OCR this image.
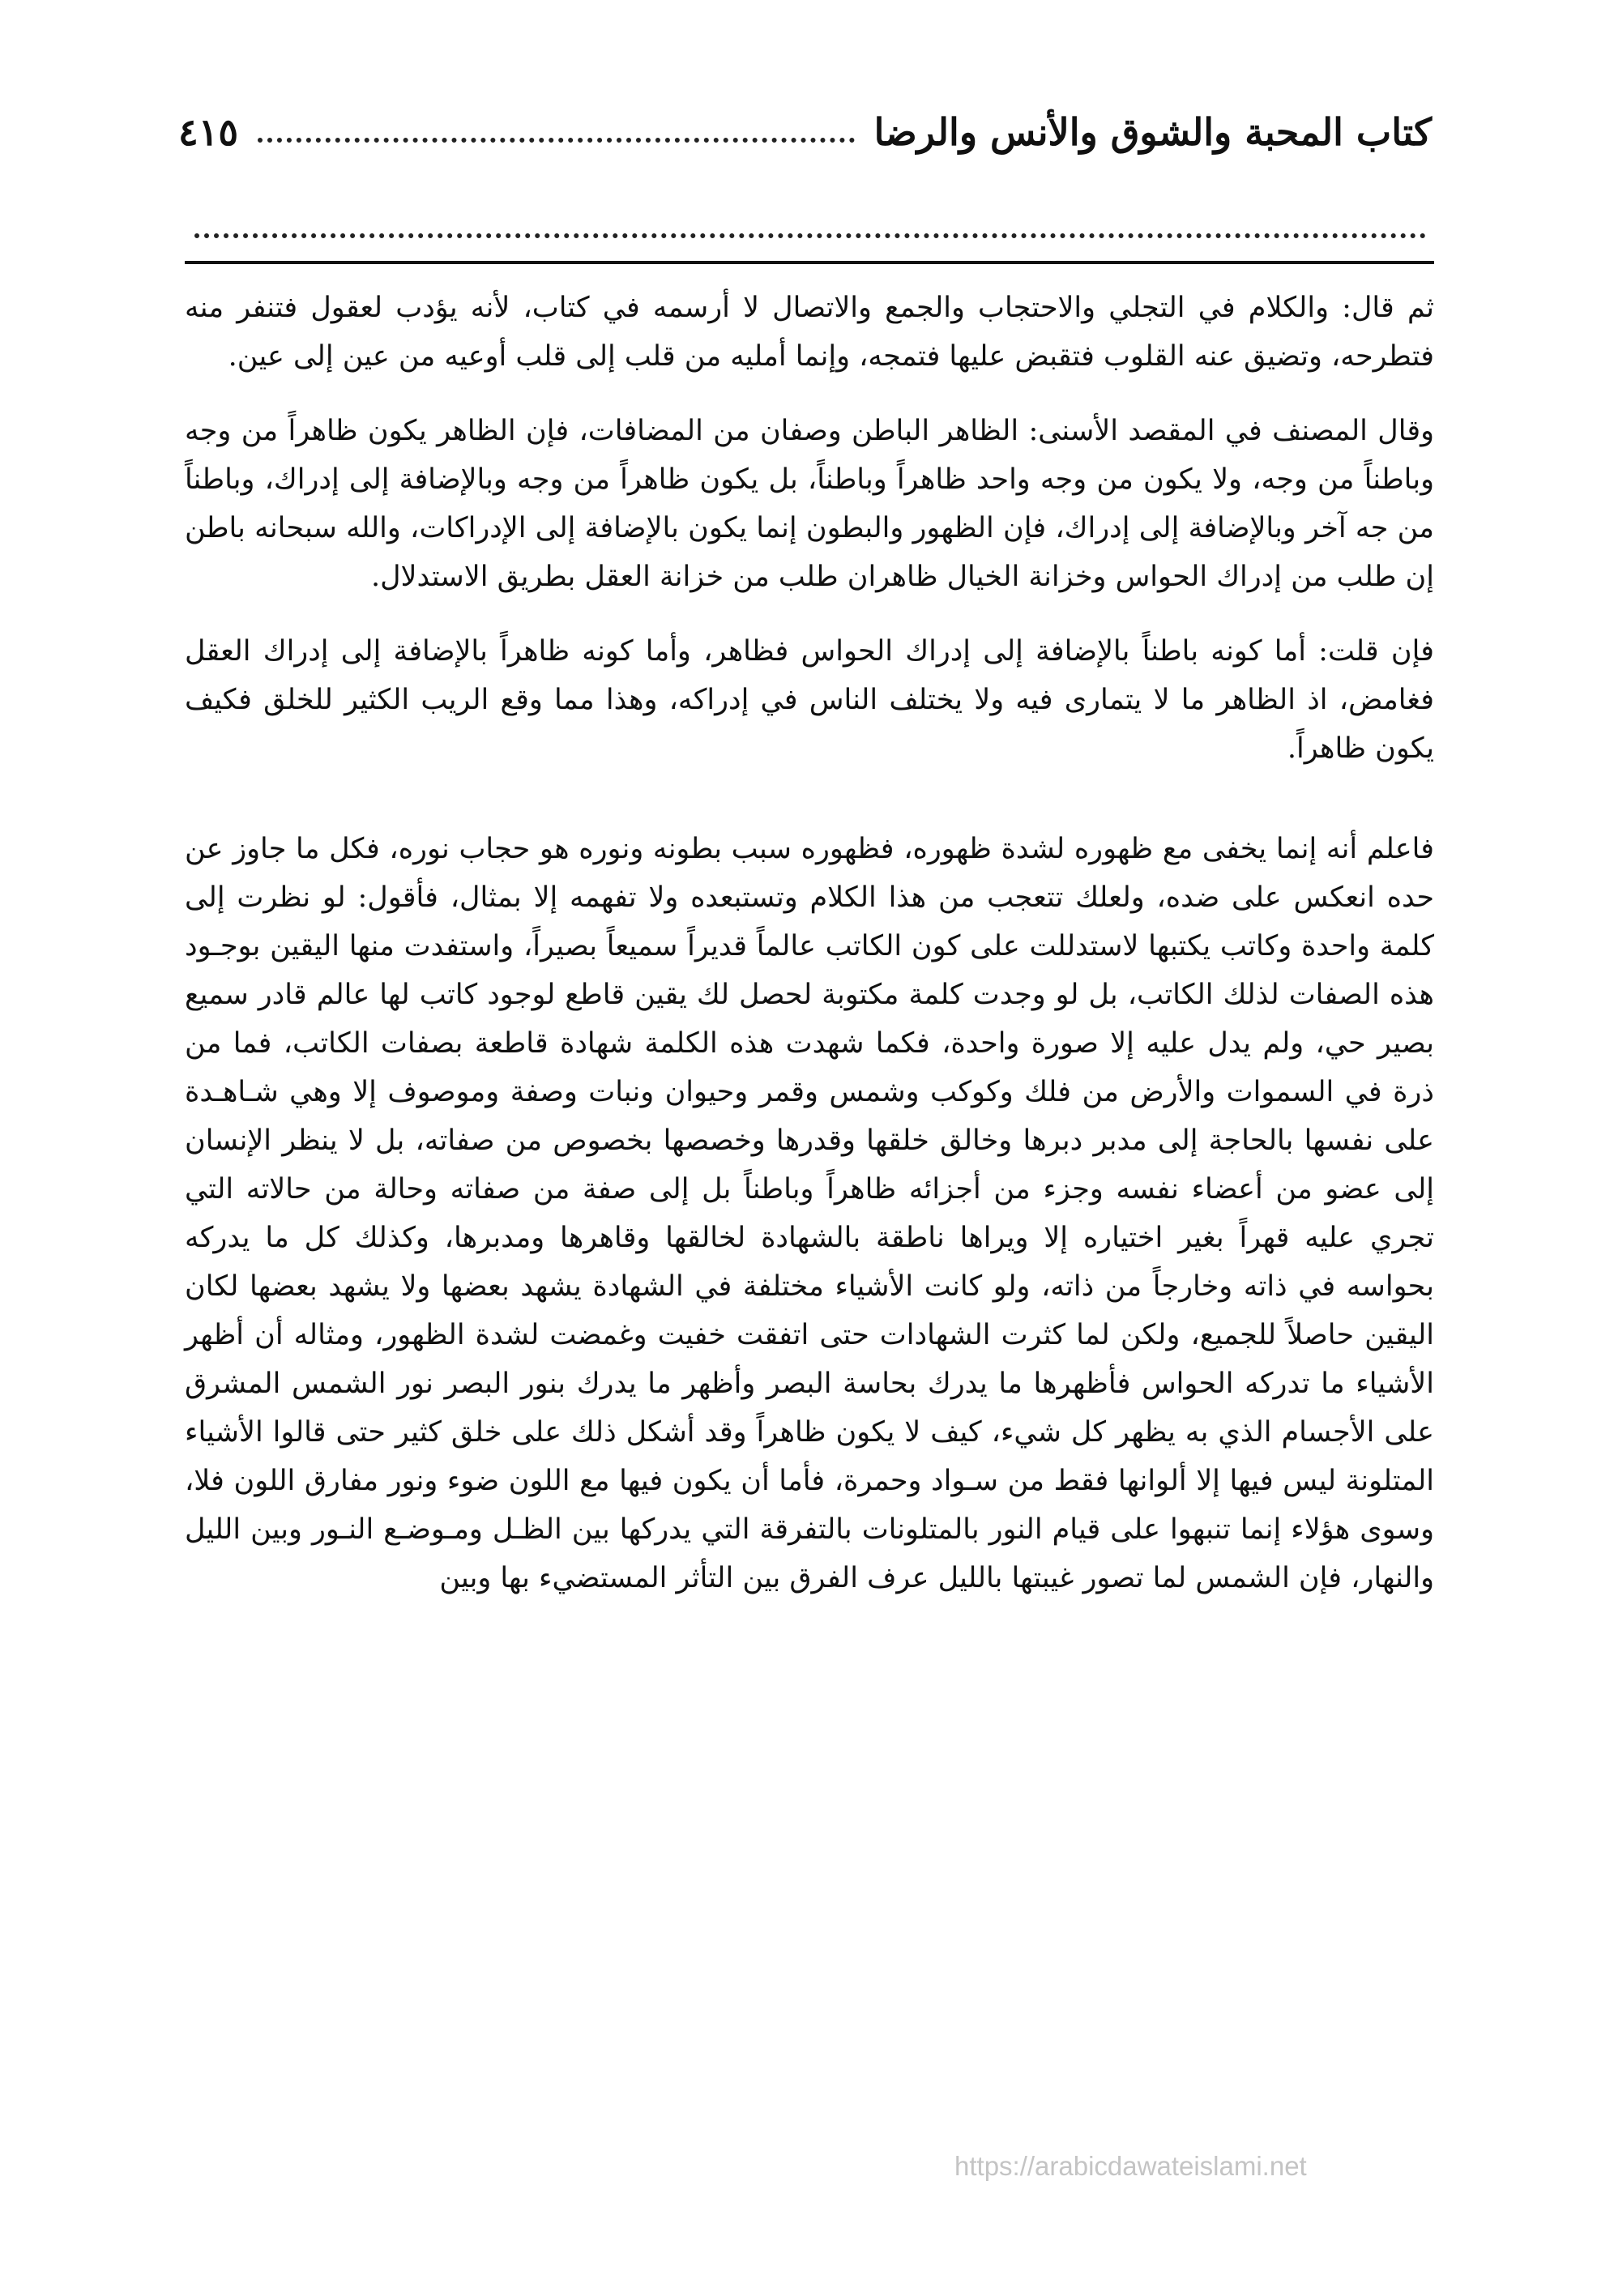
كتاب المحبة والشوق والأنس والرضا
٤١٥

ثم قال: والكلام في التجلي والاحتجاب والجمع والاتصال لا أرسمه في كتاب، لأنه يؤدب لعقول فتنفر منه فتطرحه، وتضيق عنه القلوب فتقبض عليها فتمجه، وإنما أمليه من قلب إلى قلب أوعيه من عين إلى عين.

وقال المصنف في المقصد الأسنى: الظاهر الباطن وصفان من المضافات، فإن الظاهر يكون ظاهراً من وجه وباطناً من وجه، ولا يكون من وجه واحد ظاهراً وباطناً، بل يكون ظاهراً من وجه وبالإضافة إلى إدراك، وباطناً من جه آخر وبالإضافة إلى إدراك، فإن الظهور والبطون إنما يكون بالإضافة إلى الإدراكات، والله سبحانه باطن إن طلب من إدراك الحواس وخزانة الخيال ظاهران طلب من خزانة العقل بطريق الاستدلال.

فإن قلت: أما كونه باطناً بالإضافة إلى إدراك الحواس فظاهر، وأما كونه ظاهراً بالإضافة إلى إدراك العقل فغامض، اذ الظاهر ما لا يتمارى فيه ولا يختلف الناس في إدراكه، وهذا مما وقع الريب الكثير للخلق فكيف يكون ظاهراً.

فاعلم أنه إنما يخفى مع ظهوره لشدة ظهوره، فظهوره سبب بطونه ونوره هو حجاب نوره، فكل ما جاوز عن حده انعكس على ضده، ولعلك تتعجب من هذا الكلام وتستبعده ولا تفهمه إلا بمثال، فأقول: لو نظرت إلى كلمة واحدة وكاتب يكتبها لاستدللت على كون الكاتب عالماً قديراً سميعاً بصيراً، واستفدت منها اليقين بوجـود هذه الصفات لذلك الكاتب، بل لو وجدت كلمة مكتوبة لحصل لك يقين قاطع لوجود كاتب لها عالم قادر سميع بصير حي، ولم يدل عليه إلا صورة واحدة، فكما شهدت هذه الكلمة شهادة قاطعة بصفات الكاتب، فما من ذرة في السموات والأرض من فلك وكوكب وشمس وقمر وحيوان ونبات وصفة وموصوف إلا وهي شـاهـدة على نفسها بالحاجة إلى مدبر دبرها وخالق خلقها وقدرها وخصصها بخصوص من صفاته، بل لا ينظر الإنسان إلى عضو من أعضاء نفسه وجزء من أجزائه ظاهراً وباطناً بل إلى صفة من صفاته وحالة من حالاته التي تجري عليه قهراً بغير اختياره إلا ويراها ناطقة بالشهادة لخالقها وقاهرها ومدبرها، وكذلك كل ما يدركه بحواسه في ذاته وخارجاً من ذاته، ولو كانت الأشياء مختلفة في الشهادة يشهد بعضها ولا يشهد بعضها لكان اليقين حاصلاً للجميع، ولكن لما كثرت الشهادات حتى اتفقت خفيت وغمضت لشدة الظهور، ومثاله أن أظهر الأشياء ما تدركه الحواس فأظهرها ما يدرك بحاسة البصر وأظهر ما يدرك بنور البصر نور الشمس المشرق على الأجسام الذي به يظهر كل شيء، كيف لا يكون ظاهراً وقد أشكل ذلك على خلق كثير حتى قالوا الأشياء المتلونة ليس فيها إلا ألوانها فقط من سـواد وحمرة، فأما أن يكون فيها مع اللون ضوء ونور مفارق اللون فلا، وسوى هؤلاء إنما تنبهوا على قيام النور بالمتلونات بالتفرقة التي يدركها بين الظـل ومـوضـع النـور وبين الليل والنهار، فإن الشمس لما تصور غيبتها بالليل عرف الفرق بين التأثر المستضيء بها وبين

https://arabicdawateislami.net
